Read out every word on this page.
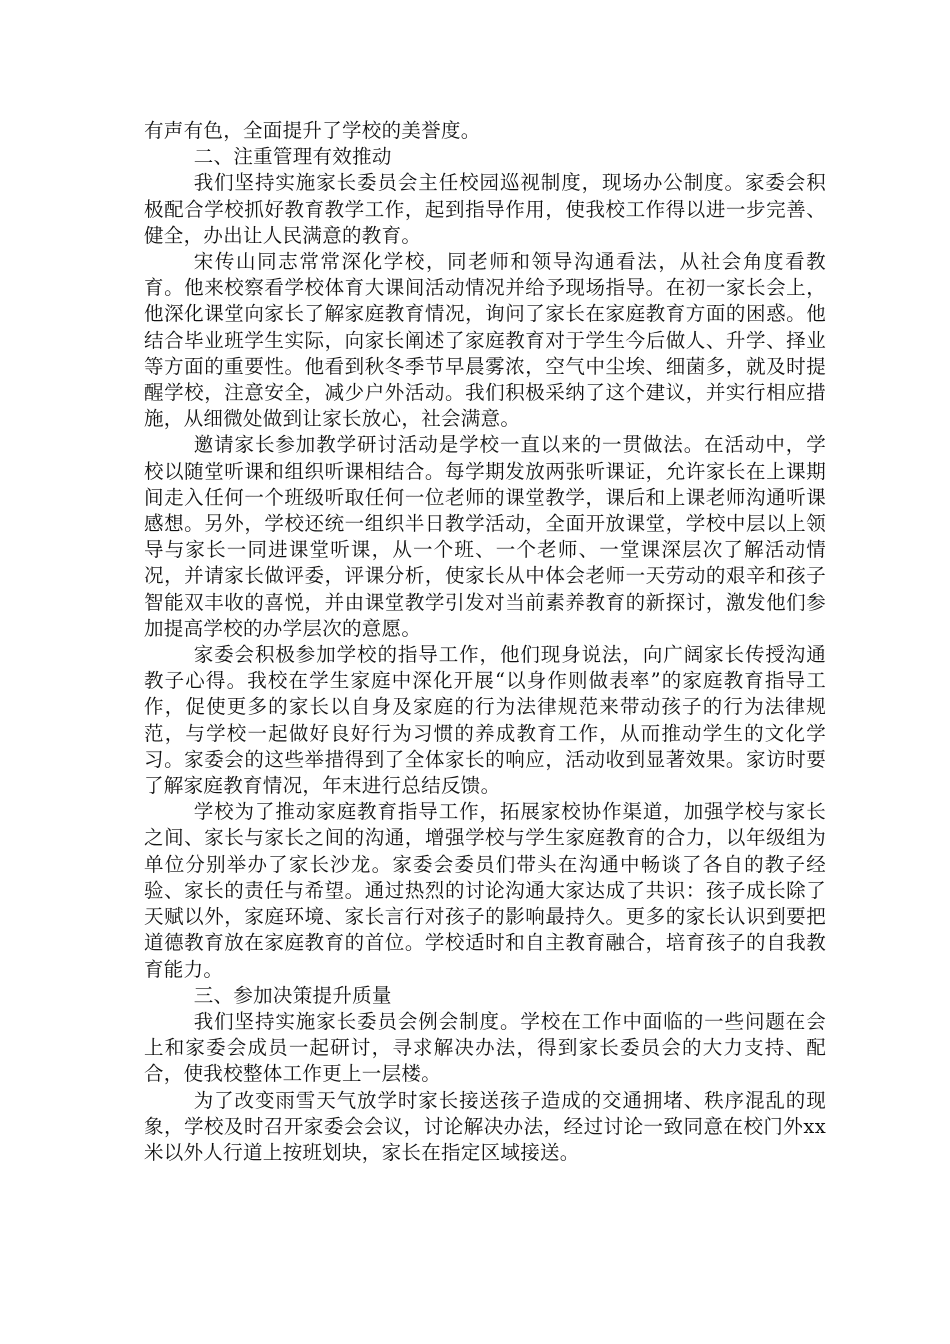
有声有色，全面提升了学校的美誉度。

二、注重管理有效推动

我们坚持实施家长委员会主任校园巡视制度，现场办公制度。家委会积极配合学校抓好教育教学工作，起到指导作用，使我校工作得以进一步完善、健全，办出让人民满意的教育。

宋传山同志常常深化学校，同老师和领导沟通看法，从社会角度看教育。他来校察看学校体育大课间活动情况并给予现场指导。在初一家长会上，他深化课堂向家长了解家庭教育情况，询问了家长在家庭教育方面的困惑。他结合毕业班学生实际，向家长阐述了家庭教育对于学生今后做人、升学、择业等方面的重要性。他看到秋冬季节早晨雾浓，空气中尘埃、细菌多，就及时提醒学校，注意安全，减少户外活动。我们积极采纳了这个建议，并实行相应措施，从细微处做到让家长放心，社会满意。

邀请家长参加教学研讨活动是学校一直以来的一贯做法。在活动中，学校以随堂听课和组织听课相结合。每学期发放两张听课证，允许家长在上课期间走入任何一个班级听取任何一位老师的课堂教学，课后和上课老师沟通听课感想。另外，学校还统一组织半日教学活动，全面开放课堂，学校中层以上领导与家长一同进课堂听课，从一个班、一个老师、一堂课深层次了解活动情况，并请家长做评委，评课分析，使家长从中体会老师一天劳动的艰辛和孩子智能双丰收的喜悦，并由课堂教学引发对当前素养教育的新探讨，激发他们参加提高学校的办学层次的意愿。

家委会积极参加学校的指导工作，他们现身说法，向广阔家长传授沟通教子心得。我校在学生家庭中深化开展“以身作则做表率”的家庭教育指导工作，促使更多的家长以自身及家庭的行为法律规范来带动孩子的行为法律规范，与学校一起做好良好行为习惯的养成教育工作，从而推动学生的文化学习。家委会的这些举措得到了全体家长的响应，活动收到显著效果。家访时要了解家庭教育情况，年末进行总结反馈。

学校为了推动家庭教育指导工作，拓展家校协作渠道，加强学校与家长之间、家长与家长之间的沟通，增强学校与学生家庭教育的合力，以年级组为单位分别举办了家长沙龙。家委会委员们带头在沟通中畅谈了各自的教子经验、家长的责任与希望。通过热烈的讨论沟通大家达成了共识：孩子成长除了天赋以外，家庭环境、家长言行对孩子的影响最持久。更多的家长认识到要把道德教育放在家庭教育的首位。学校适时和自主教育融合，培育孩子的自我教育能力。

三、参加决策提升质量

我们坚持实施家长委员会例会制度。学校在工作中面临的一些问题在会上和家委会成员一起研讨，寻求解决办法，得到家长委员会的大力支持、配合，使我校整体工作更上一层楼。

为了改变雨雪天气放学时家长接送孩子造成的交通拥堵、秩序混乱的现象，学校及时召开家委会会议，讨论解决办法，经过讨论一致同意在校门外xx米以外人行道上按班划块，家长在指定区域接送。
